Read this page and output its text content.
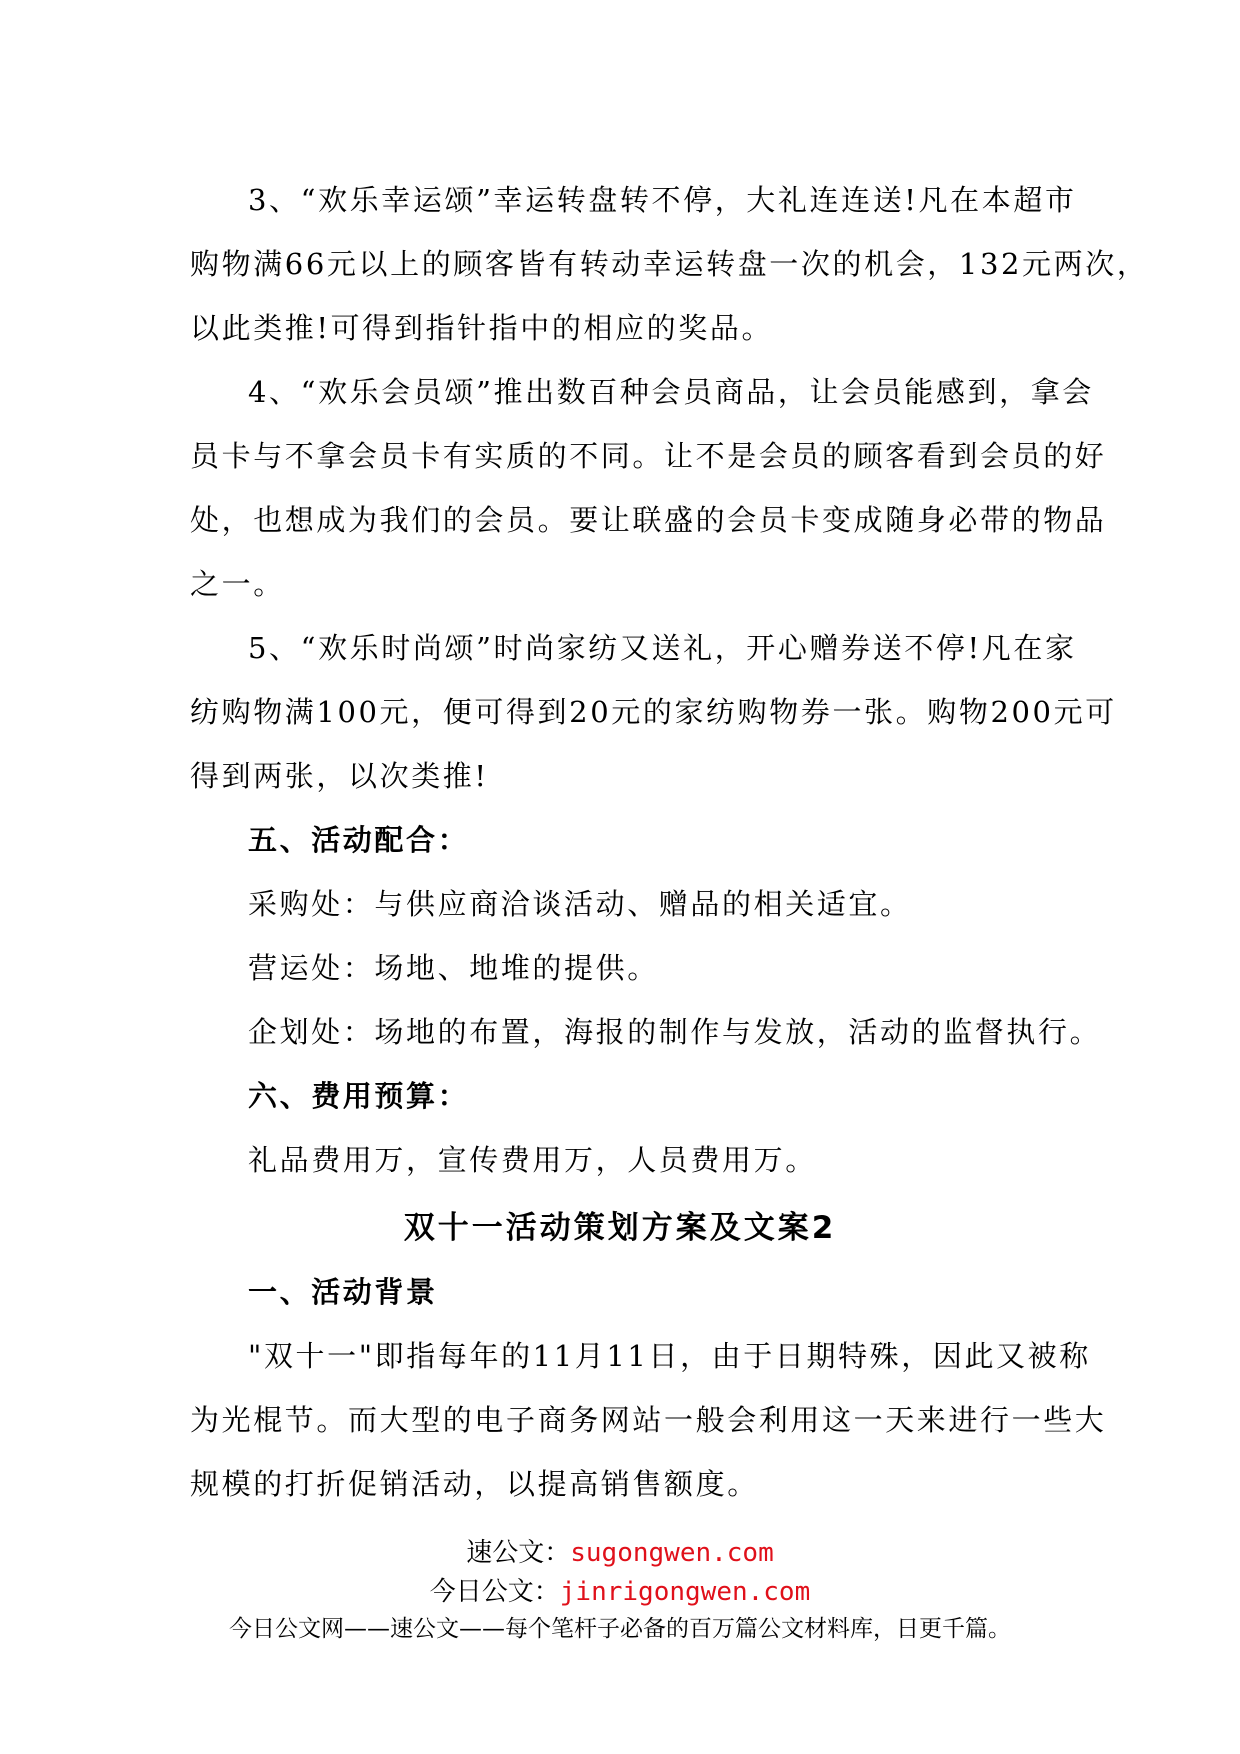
3、“欢乐幸运颂”幸运转盘转不停，大礼连连送!凡在本超市
购物满66元以上的顾客皆有转动幸运转盘一次的机会，132元两次，
以此类推!可得到指针指中的相应的奖品。
4、“欢乐会员颂”推出数百种会员商品，让会员能感到，拿会
员卡与不拿会员卡有实质的不同。让不是会员的顾客看到会员的好
处，也想成为我们的会员。要让联盛的会员卡变成随身必带的物品
之一。
5、“欢乐时尚颂”时尚家纺又送礼，开心赠券送不停!凡在家
纺购物满100元，便可得到20元的家纺购物券一张。购物200元可
得到两张，以次类推!
五、活动配合：
采购处：与供应商洽谈活动、赠品的相关适宜。
营运处：场地、地堆的提供。
企划处：场地的布置，海报的制作与发放，活动的监督执行。
六、费用预算：
礼品费用万，宣传费用万，人员费用万。
一、活动背景
"双十一"即指每年的11月11日，由于日期特殊，因此又被称
为光棍节。而大型的电子商务网站一般会利用这一天来进行一些大
规模的打折促销活动，以提高销售额度。
双十一活动策划方案及文案2
速公文：sugongwen.com
今日公文：jinrigongwen.com
今日公文网——速公文——每个笔杆子必备的百万篇公文材料库，日更千篇。
